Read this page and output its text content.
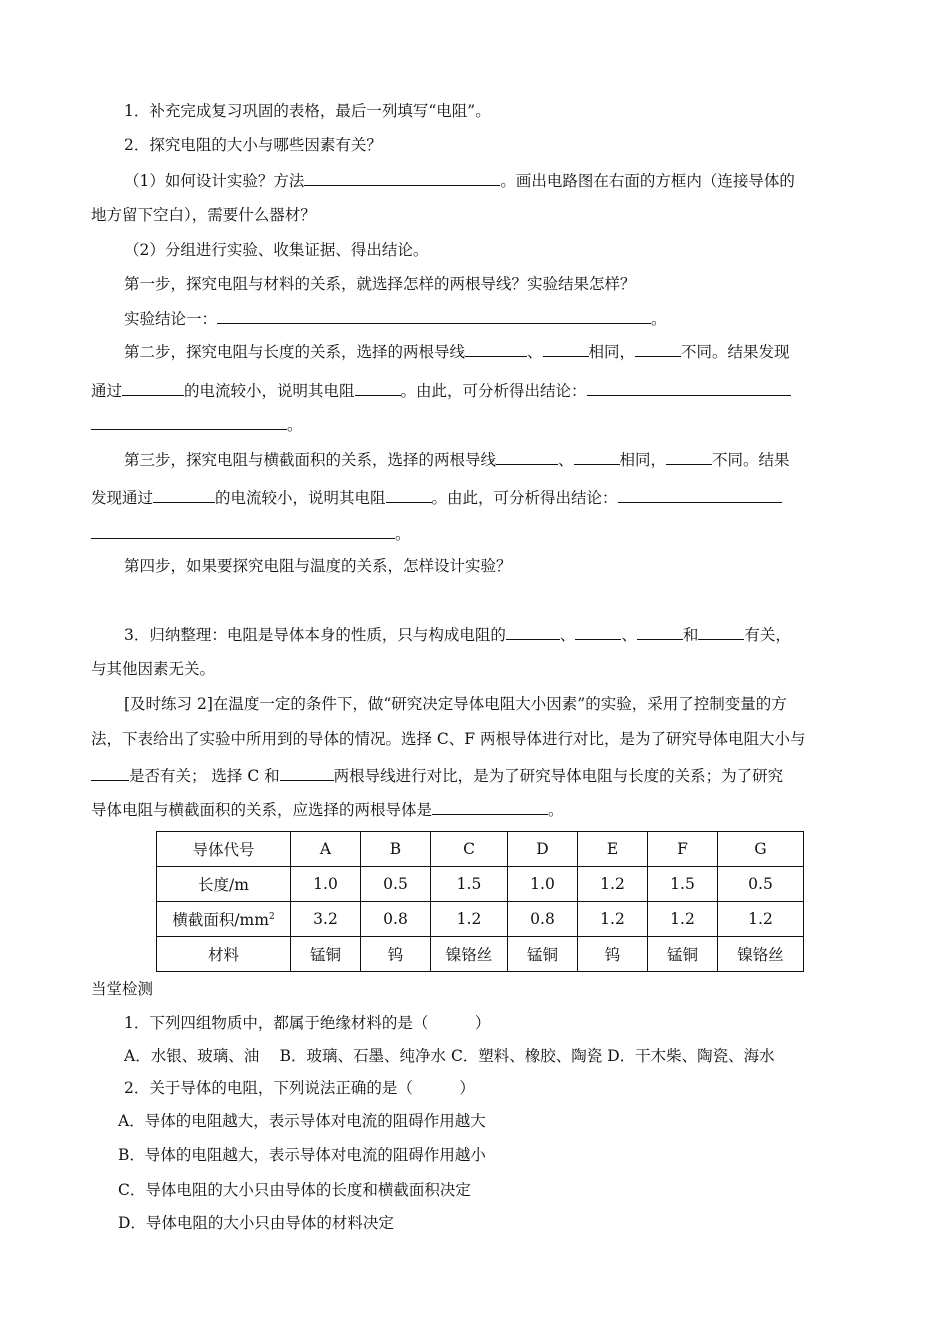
1．补充完成复习巩固的表格，最后一列填写“电阻”。
2．探究电阻的大小与哪些因素有关？
（1）如何设计实验？方法	。画出电路图在右面的方框内（连接导体的
地方留下空白），需要什么器材？
（2）分组进行实验、收集证据、得出结论。
第一步，探究电阻与材料的关系，就选择怎样的两根导线？实验结果怎样？
实验结论一：	。
第二步，探究电阻与长度的关系，选择的两根导线	、	相同，	不同。结果发现
通过	的电流较小，说明其电阻	。由此，可分析得出结论：
。
第三步，探究电阻与横截面积的关系，选择的两根导线	、	相同，	不同。结果
发现通过	的电流较小，说明其电阻	。由此，可分析得出结论：
。
第四步，如果要探究电阻与温度的关系，怎样设计实验？
3．归纳整理：电阻是导体本身的性质，只与构成电阻的	、	、	和	有关，
与其他因素无关。
[及时练习 2]在温度一定的条件下，做“研究决定导体电阻大小因素”的实验，采用了控制变量的方
法，下表给出了实验中所用到的导体的情况。选择 C、F 两根导体进行对比，是为了研究导体电阻大小与
是否有关； 选择 C 和	两根导线进行对比，是为了研究导体电阻与长度的关系；为了研究
导体电阻与横截面积的关系，应选择的两根导体是	。
导体代号	A	B	C	D	E	F	G
长度/m	1.0	0.5	1.5	1.0	1.2	1.5	0.5
横截面积$/mm^2$	3.2	0.8	1.2	0.8	1.2	1.2	1.2
材料	锰铜	钨	镍铬丝	锰铜	钨	锰铜	镍铬丝
当堂检测
1．下列四组物质中，都属于绝缘材料的是（　　　）
A．水银、玻璃、油　 B．玻璃、石墨、纯净水 C．塑料、橡胶、陶瓷 D．干木柴、陶瓷、海水
2．关于导体的电阻，下列说法正确的是（　　　）
A．导体的电阻越大，表示导体对电流的阻碍作用越大
B．导体的电阻越大，表示导体对电流的阻碍作用越小
C．导体电阻的大小只由导体的长度和横截面积决定
D．导体电阻的大小只由导体的材料决定
